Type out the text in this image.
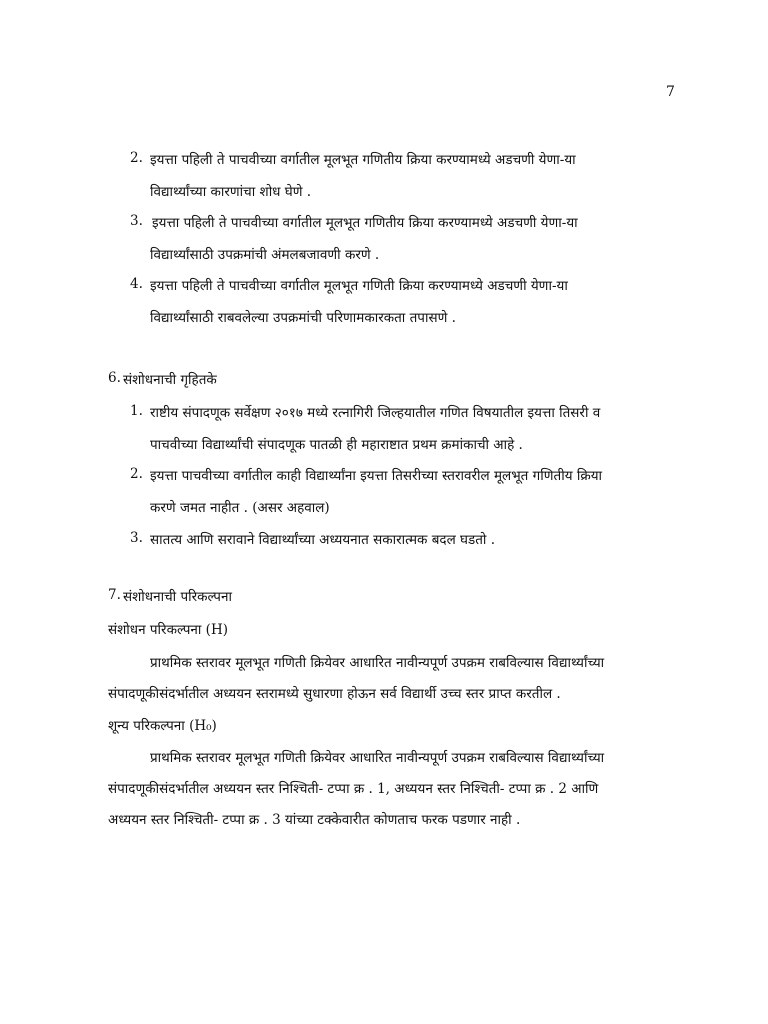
7
2. इयत्ता पहिली ते पाचवीच्या वर्गातील मूलभूत गणितीय क्रिया करण्यामध्ये अडचणी येणा-या
विद्यार्थ्यांच्या कारणांचा शोध घेणे .
3. इयत्ता पहिली ते पाचवीच्या वर्गातील मूलभूत गणितीय क्रिया करण्यामध्ये अडचणी येणा-या
विद्यार्थ्यांसाठी उपक्रमांची अंमलबजावणी करणे .
4. इयत्ता पहिली ते पाचवीच्या वर्गातील मूलभूत गणिती क्रिया करण्यामध्ये अडचणी येणा-या
विद्यार्थ्यांसाठी राबवलेल्या उपक्रमांची परिणामकारकता तपासणे .
6. संशोधनाची गृहितके
1. राष्टीय संपादणूक सर्वेक्षण २०१७ मध्ये रत्नागिरी जिल्हयातील गणित विषयातील इयत्ता तिसरी व
पाचवीच्या विद्यार्थ्यांची संपादणूक पातळी ही महाराष्टात प्रथम क्रमांकाची आहे .
2. इयत्ता पाचवीच्या वर्गातील काही विद्यार्थ्यांना इयत्ता तिसरीच्या स्तरावरील मूलभूत गणितीय क्रिया
करणे जमत नाहीत . (असर अहवाल)
3. सातत्य आणि सरावाने विद्यार्थ्यांच्या अध्ययनात सकारात्मक बदल घडतो .
7. संशोधनाची परिकल्पना
संशोधन परिकल्पना (H)
प्राथमिक स्तरावर मूलभूत गणिती क्रियेवर आधारित नावीन्यपूर्ण उपक्रम राबविल्यास विद्यार्थ्यांच्या
संपादणूकीसंदर्भातील अध्ययन स्तरामध्ये सुधारणा होऊन सर्व विद्यार्थी उच्च स्तर प्राप्त करतील .
शून्य परिकल्पना (H₀)
प्राथमिक स्तरावर मूलभूत गणिती क्रियेवर आधारित नावीन्यपूर्ण उपक्रम राबविल्यास विद्यार्थ्यांच्या
संपादणूकीसंदर्भातील अध्ययन स्तर निश्चिती- टप्पा क्र . 1, अध्ययन स्तर निश्चिती- टप्पा क्र . 2 आणि
अध्ययन स्तर निश्चिती- टप्पा क्र . 3 यांच्या टक्केवारीत कोणताच फरक पडणार नाही .
